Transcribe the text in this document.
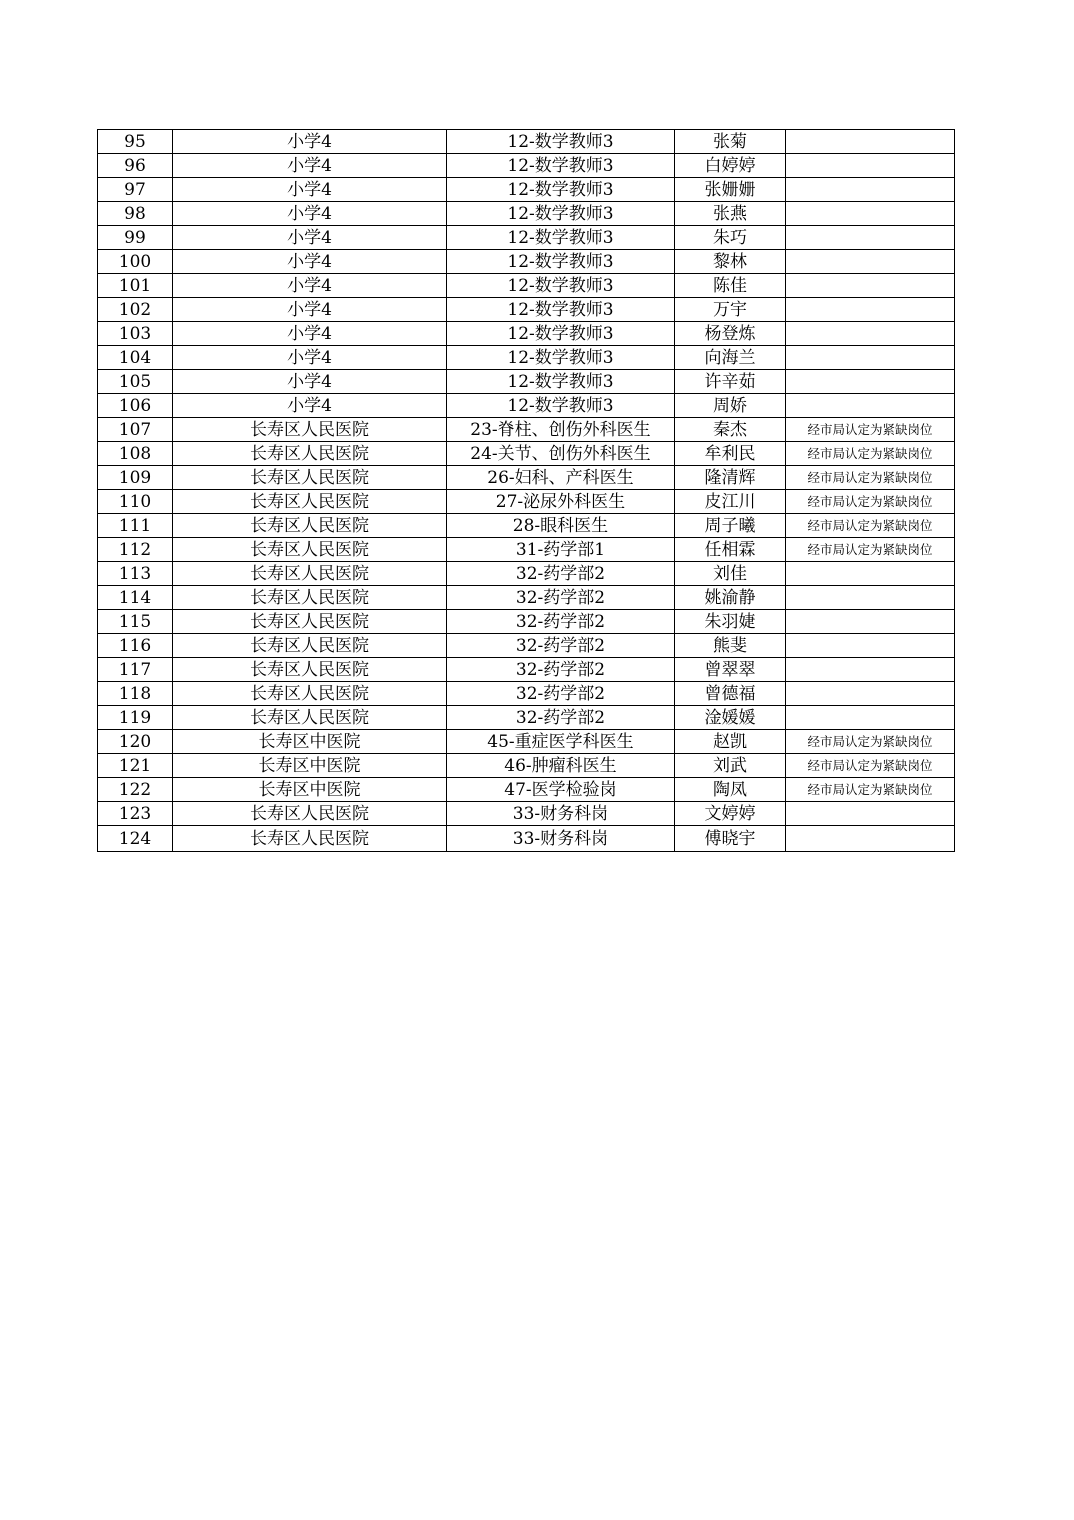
95	小学4	12-数学教师3	张菊	
96	小学4	12-数学教师3	白婷婷	
97	小学4	12-数学教师3	张姗姗	
98	小学4	12-数学教师3	张燕	
99	小学4	12-数学教师3	朱巧	
100	小学4	12-数学教师3	黎林	
101	小学4	12-数学教师3	陈佳	
102	小学4	12-数学教师3	万宇	
103	小学4	12-数学教师3	杨登炼	
104	小学4	12-数学教师3	向海兰	
105	小学4	12-数学教师3	许辛茹	
106	小学4	12-数学教师3	周娇	
107	长寿区人民医院	23-脊柱、创伤外科医生	秦杰	经市局认定为紧缺岗位
108	长寿区人民医院	24-关节、创伤外科医生	牟利民	经市局认定为紧缺岗位
109	长寿区人民医院	26-妇科、产科医生	隆清辉	经市局认定为紧缺岗位
110	长寿区人民医院	27-泌尿外科医生	皮江川	经市局认定为紧缺岗位
111	长寿区人民医院	28-眼科医生	周子曦	经市局认定为紧缺岗位
112	长寿区人民医院	31-药学部1	任相霖	经市局认定为紧缺岗位
113	长寿区人民医院	32-药学部2	刘佳	
114	长寿区人民医院	32-药学部2	姚渝静	
115	长寿区人民医院	32-药学部2	朱羽婕	
116	长寿区人民医院	32-药学部2	熊斐	
117	长寿区人民医院	32-药学部2	曾翠翠	
118	长寿区人民医院	32-药学部2	曾德福	
119	长寿区人民医院	32-药学部2	淦媛媛	
120	长寿区中医院	45-重症医学科医生	赵凯	经市局认定为紧缺岗位
121	长寿区中医院	46-肿瘤科医生	刘武	经市局认定为紧缺岗位
122	长寿区中医院	47-医学检验岗	陶凤	经市局认定为紧缺岗位
123	长寿区人民医院	33-财务科岗	文婷婷	
124	长寿区人民医院	33-财务科岗	傅晓宇	
